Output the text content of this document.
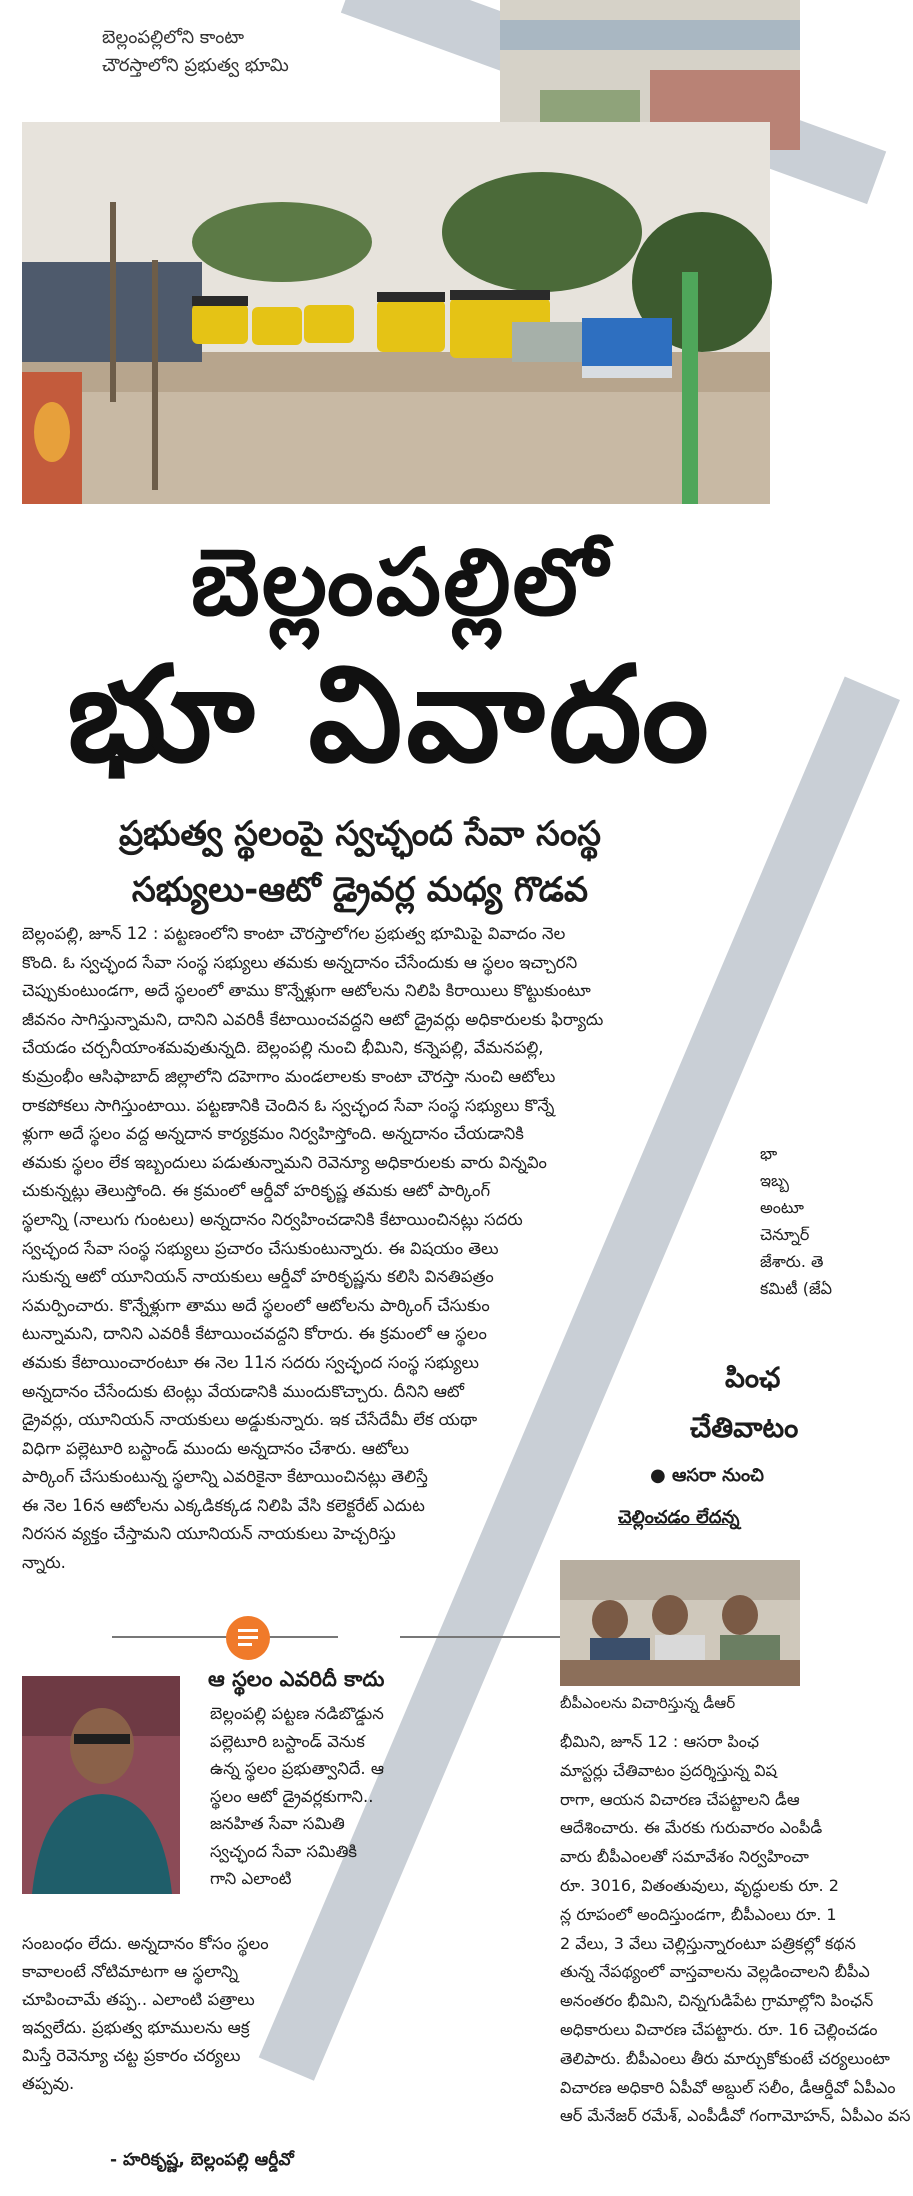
బెల్లంపల్లిలోని కాంటా
చౌరస్తాలోని ప్రభుత్వ భూమి
బెల్లంపల్లిలో
భూ వివాదం
ప్రభుత్వ స్థలంపై స్వచ్ఛంద సేవా సంస్థ
సభ్యులు-ఆటో డ్రైవర్ల మధ్య గొడవ
బెల్లంపల్లి, జూన్ 12 : పట్టణంలోని కాంటా చౌరస్తాలోగల ప్రభుత్వ భూమిపై వివాదం నెల
కొంది. ఓ స్వచ్ఛంద సేవా సంస్థ సభ్యులు తమకు అన్నదానం చేసేందుకు ఆ స్థలం ఇచ్చారని
చెప్పుకుంటుండగా, అదే స్థలంలో తాము కొన్నేళ్లుగా ఆటోలను నిలిపి కిరాయిలు కొట్టుకుంటూ
జీవనం సాగిస్తున్నామని, దానిని ఎవరికీ కేటాయించవద్దని ఆటో డ్రైవర్లు అధికారులకు ఫిర్యాదు
చేయడం చర్చనీయాంశమవుతున్నది. బెల్లంపల్లి నుంచి భీమిని, కన్నెపల్లి, వేమనపల్లి,
కుమ్రంభీం ఆసిఫాబాద్ జిల్లాలోని దహెగాం మండలాలకు కాంటా చౌరస్తా నుంచి ఆటోలు
రాకపోకలు సాగిస్తుంటాయి. పట్టణానికి చెందిన ఓ స్వచ్ఛంద సేవా సంస్థ సభ్యులు కొన్నే
ళ్లుగా అదే స్థలం వద్ద అన్నదాన కార్యక్రమం నిర్వహిస్తోంది. అన్నదానం చేయడానికి
తమకు స్థలం లేక ఇబ్బందులు పడుతున్నామని రెవెన్యూ అధికారులకు వారు విన్నవిం
చుకున్నట్లు తెలుస్తోంది. ఈ క్రమంలో ఆర్డీవో హరికృష్ణ తమకు ఆటో పార్కింగ్
స్థలాన్ని (నాలుగు గుంటలు) అన్నదానం నిర్వహించడానికి కేటాయించినట్లు సదరు
స్వచ్ఛంద సేవా సంస్థ సభ్యులు ప్రచారం చేసుకుంటున్నారు. ఈ విషయం తెలు
సుకున్న ఆటో యూనియన్ నాయకులు ఆర్డీవో హరికృష్ణను కలిసి వినతిపత్రం
సమర్పించారు. కొన్నేళ్లుగా తాము అదే స్థలంలో ఆటోలను పార్కింగ్ చేసుకుం
టున్నామని, దానిని ఎవరికీ కేటాయించవద్దని కోరారు. ఈ క్రమంలో ఆ స్థలం
తమకు కేటాయించారంటూ ఈ నెల 11న సదరు స్వచ్ఛంద సంస్థ సభ్యులు
అన్నదానం చేసేందుకు టెంట్లు వేయడానికి ముందుకొచ్చారు. దీనిని ఆటో
డ్రైవర్లు, యూనియన్ నాయకులు అడ్డుకున్నారు. ఇక చేసేదేమీ లేక యథా
విధిగా పల్లెటూరి బస్టాండ్ ముందు అన్నదానం చేశారు. ఆటోలు
పార్కింగ్ చేసుకుంటున్న స్థలాన్ని ఎవరికైనా కేటాయించినట్లు తెలిస్తే
ఈ నెల 16న ఆటోలను ఎక్కడికక్కడ నిలిపి వేసి కలెక్టరేట్ ఎదుట
నిరసన వ్యక్తం చేస్తామని యూనియన్ నాయకులు హెచ్చరిస్తు
న్నారు.
ఆ స్థలం ఎవరిదీ కాదు
బెల్లంపల్లి పట్టణ నడిబొడ్డున
పల్లెటూరి బస్టాండ్ వెనుక
ఉన్న స్థలం ప్రభుత్వానిదే. ఆ
స్థలం ఆటో డ్రైవర్లకుగాని..
జనహిత సేవా సమితి
స్వచ్ఛంద సేవా సమితికి
గాని ఎలాంటి
సంబంధం లేదు. అన్నదానం కోసం స్థలం
కావాలంటే నోటిమాటగా ఆ స్థలాన్ని
చూపించామే తప్ప.. ఎలాంటి పత్రాలు
ఇవ్వలేదు. ప్రభుత్వ భూములను ఆక్ర
మిస్తే రెవెన్యూ చట్ట ప్రకారం చర్యలు
తప్పవు.
- హరికృష్ణ, బెల్లంపల్లి ఆర్డీవో
భా
ఇబ్బ
అంటూ
చెన్నూర్
జేశారు. తె
కమిటీ (జేఏ
పింఛ
చేతివాటం
● ఆసరా నుంచి
చెల్లించడం లేదన్న
బీపీఎంలను విచారిస్తున్న డీఆర్
భీమిని, జూన్ 12 : ఆసరా పింఛ
మాస్టర్లు చేతివాటం ప్రదర్శిస్తున్న విష
రాగా, ఆయన విచారణ చేపట్టాలని డీఆ
ఆదేశించారు. ఈ మేరకు గురువారం ఎంపీడీ
వారు బీపీఎంలతో సమావేశం నిర్వహించా
రూ. 3016, వితంతువులు, వృద్ధులకు రూ. 2
న్ల రూపంలో అందిస్తుండగా, బీపీఎంలు రూ. 1
2 వేలు, 3 వేలు చెల్లిస్తున్నారంటూ పత్రికల్లో కథన
తున్న నేపథ్యంలో వాస్తవాలను వెల్లడించాలని బీపీఎ
అనంతరం భీమిని, చిన్నగుడిపేట గ్రామాల్లోని పింఛన్
అధికారులు విచారణ చేపట్టారు. రూ. 16 చెల్లించడం
తెలిపారు. బీపీఎంలు తీరు మార్చుకోకుంటే చర్యలుంటా
విచారణ అధికారి ఏపీవో అబ్దుల్ సలీం, డీఆర్డీవో ఏపీఎం
ఆర్ మేనేజర్ రమేశ్, ఎంపీడీవో గంగామోహన్, ఏపీఎం వస
